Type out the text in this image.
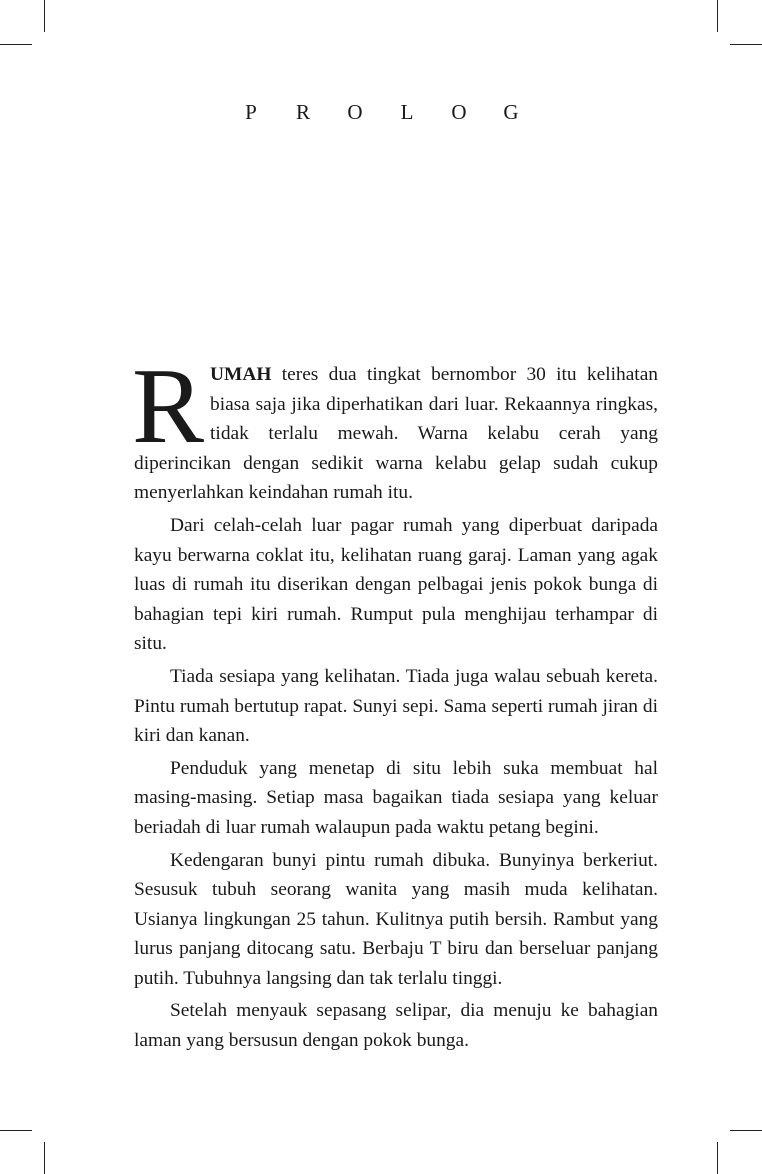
P R O L O G

RUMAH teres dua tingkat bernombor 30 itu kelihatan biasa saja jika diperhatikan dari luar. Rekaannya ringkas, tidak terlalu mewah. Warna kelabu cerah yang diperincikan dengan sedikit warna kelabu gelap sudah cukup menyerlahkan keindahan rumah itu.

Dari celah-celah luar pagar rumah yang diperbuat daripada kayu berwarna coklat itu, kelihatan ruang garaj. Laman yang agak luas di rumah itu diserikan dengan pelbagai jenis pokok bunga di bahagian tepi kiri rumah. Rumput pula menghijau terhampar di situ.

Tiada sesiapa yang kelihatan. Tiada juga walau sebuah kereta. Pintu rumah bertutup rapat. Sunyi sepi. Sama seperti rumah jiran di kiri dan kanan.

Penduduk yang menetap di situ lebih suka membuat hal masing-masing. Setiap masa bagaikan tiada sesiapa yang keluar beriadah di luar rumah walaupun pada waktu petang begini.

Kedengaran bunyi pintu rumah dibuka. Bunyinya berkeriut. Sesusuk tubuh seorang wanita yang masih muda kelihatan. Usianya lingkungan 25 tahun. Kulitnya putih bersih. Rambut yang lurus panjang ditocang satu. Berbaju T biru dan berseluar panjang putih. Tubuhnya langsing dan tak terlalu tinggi.

Setelah menyauk sepasang selipar, dia menuju ke bahagian laman yang bersusun dengan pokok bunga.
